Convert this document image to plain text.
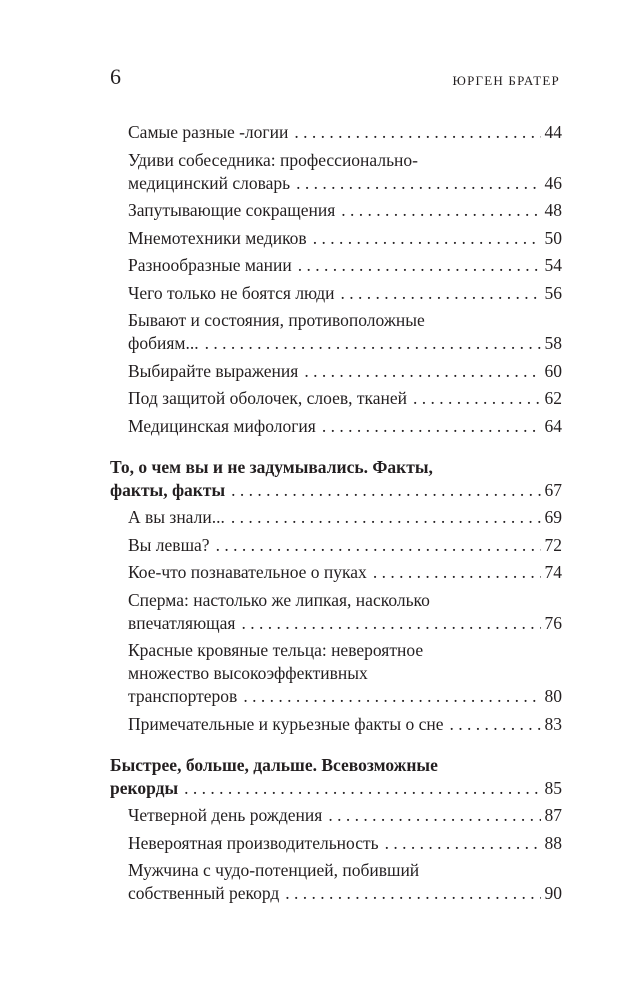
6	ЮРГЕН БРАТЕР
Самые разные -логии . . .	44
Удиви собеседника: профессионально-
медицинский словарь . . .	46
Запутывающие сокращения . . .	48
Мнемотехники медиков . . .	50
Разнообразные мании . . .	54
Чего только не боятся люди . . .	56
Бывают и состояния, противоположные
фобиям... . . .	58
Выбирайте выражения . . .	60
Под защитой оболочек, слоев, тканей . . .	62
Медицинская мифология . . .	64
То, о чем вы и не задумывались. Факты,
факты, факты . . .	67
А вы знали... . . .	69
Вы левша? . . .	72
Кое-что познавательное о пуках . . .	74
Сперма: настолько же липкая, насколько
впечатляющая . . .	76
Красные кровяные тельца: невероятное
множество высокоэффективных
транспортеров . . .	80
Примечательные и курьезные факты о сне . . .	83
Быстрее, больше, дальше. Всевозможные
рекорды . . .	85
Четверной день рождения . . .	87
Невероятная производительность . . .	88
Мужчина с чудо-потенцией, побивший
собственный рекорд . . .	90
